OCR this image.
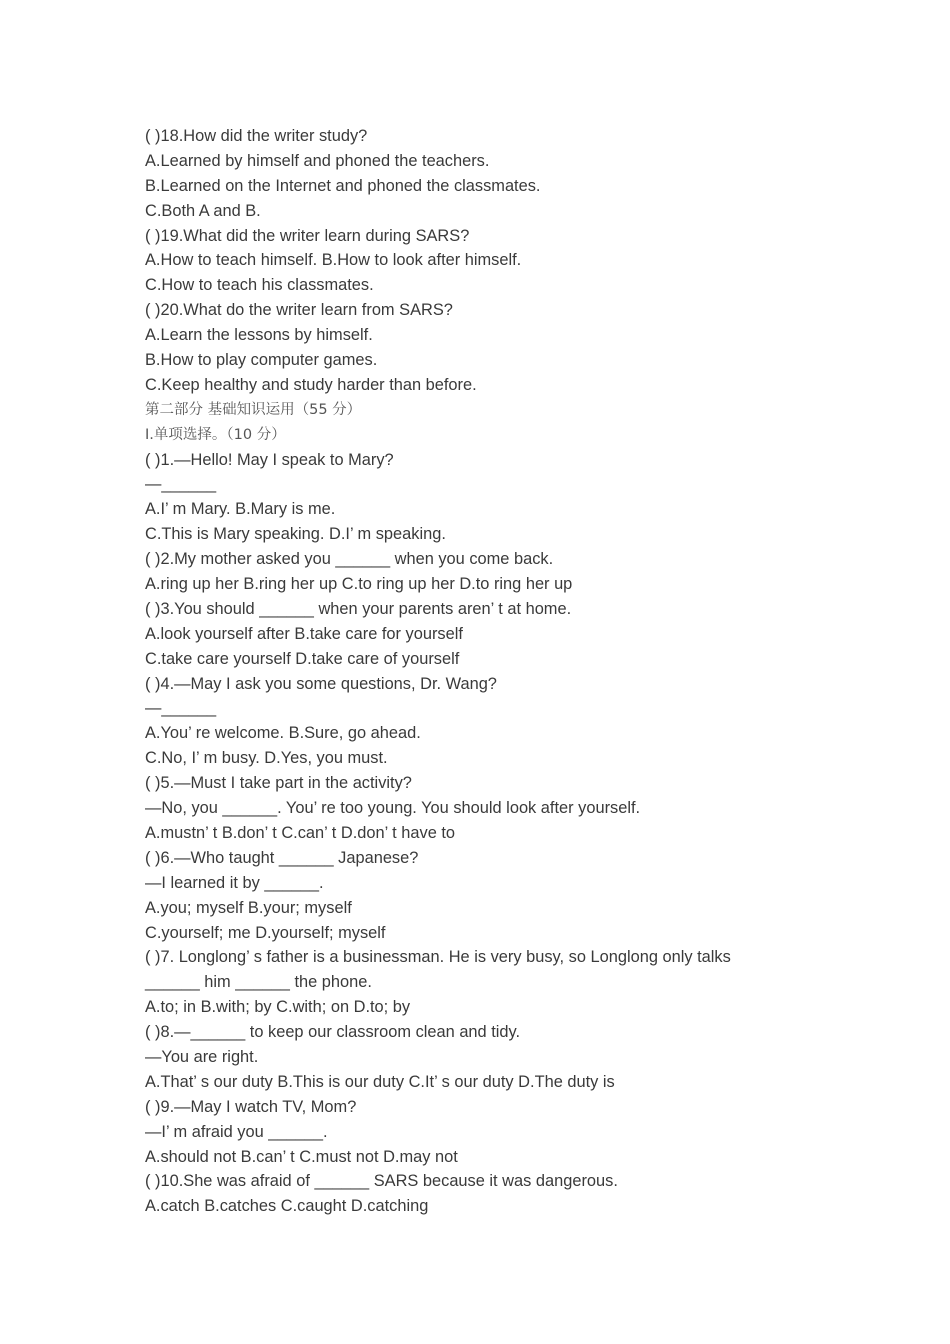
( )18.How did the writer study?
A.Learned by himself and phoned the teachers.
B.Learned on the Internet and phoned the classmates.
C.Both A and B.
( )19.What did the writer learn during SARS?
A.How to teach himself. B.How to look after himself.
C.How to teach his classmates.
( )20.What do the writer learn from SARS?
A.Learn the lessons by himself.
B.How to play computer games.
C.Keep healthy and study harder than before.
第二部分 基础知识运用（55 分）
Ⅰ.单项选择。（10 分）
( )1.—Hello! May I speak to Mary?
—______
A.I’ m Mary. B.Mary is me.
C.This is Mary speaking. D.I’ m speaking.
( )2.My mother asked you ______ when you come back.
A.ring up her B.ring her up C.to ring up her D.to ring her up
( )3.You should ______ when your parents aren’ t at home.
A.look yourself after B.take care for yourself
C.take care yourself D.take care of yourself
( )4.—May I ask you some questions, Dr. Wang?
—______
A.You’ re welcome. B.Sure, go ahead.
C.No, I’ m busy. D.Yes, you must.
( )5.—Must I take part in the activity?
—No, you ______. You’ re too young. You should look after yourself.
A.mustn’ t B.don’ t C.can’ t D.don’ t have to
( )6.—Who taught ______ Japanese?
—I learned it by ______.
A.you; myself B.your; myself
C.yourself; me D.yourself; myself
( )7. Longlong’ s father is a businessman. He is very busy, so Longlong only talks
______ him ______ the phone.
A.to; in B.with; by C.with; on D.to; by
( )8.—______ to keep our classroom clean and tidy.
—You are right.
A.That’ s our duty B.This is our duty C.It’ s our duty D.The duty is
( )9.—May I watch TV, Mom?
—I’ m afraid you ______.
A.should not B.can’ t C.must not D.may not
( )10.She was afraid of ______ SARS because it was dangerous.
A.catch B.catches C.caught D.catching
